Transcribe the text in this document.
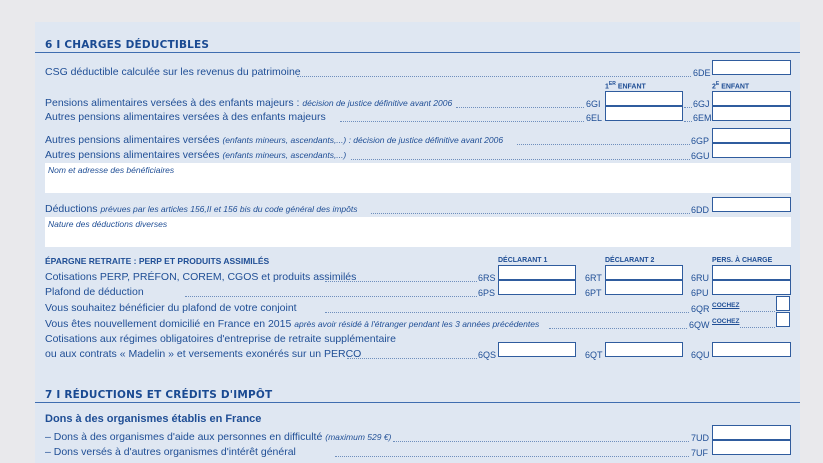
6 I CHARGES DÉDUCTIBLES
CSG déductible calculée sur les revenus du patrimoine	6DE
1ER ENFANT	$2^E$ ENFANT
Pensions alimentaires versées à des enfants majeurs : décision de justice définitive avant 2006	6GI	6GJ
Autres pensions alimentaires versées à des enfants majeurs	6EL	6EM
Autres pensions alimentaires versées (enfants mineurs, ascendants,...) : décision de justice définitive avant 2006	6GP
Autres pensions alimentaires versées (enfants mineurs, ascendants,...)	6GU
Nom et adresse des bénéficiaires
Déductions prévues par les articles 156,II et 156 bis du code général des impôts	6DD
Nature des déductions diverses
ÉPARGNE RETRAITE : PERP ET PRODUITS ASSIMILÉS	DÉCLARANT 1	DÉCLARANT 2	PERS. À CHARGE
Cotisations PERP, PRÉFON, COREM, CGOS et produits assimilés	6RS	6RT	6RU
Plafond de déduction	6PS	6PT	6PU
Vous souhaitez bénéficier du plafond de votre conjoint	6QR COCHEZ
Vous êtes nouvellement domicilié en France en 2015 après avoir résidé à l'étranger pendant les 3 années précédentes	6QW COCHEZ
Cotisations aux régimes obligatoires d'entreprise de retraite supplémentaire
ou aux contrats « Madelin » et versements exonérés sur un PERCO	6QS	6QT	6QU
7 I RÉDUCTIONS ET CRÉDITS D'IMPÔT
Dons à des organismes établis en France
– Dons à des organismes d'aide aux personnes en difficulté (maximum 529 €)	7UD
– Dons versés à d'autres organismes d'intérêt général	7UF
